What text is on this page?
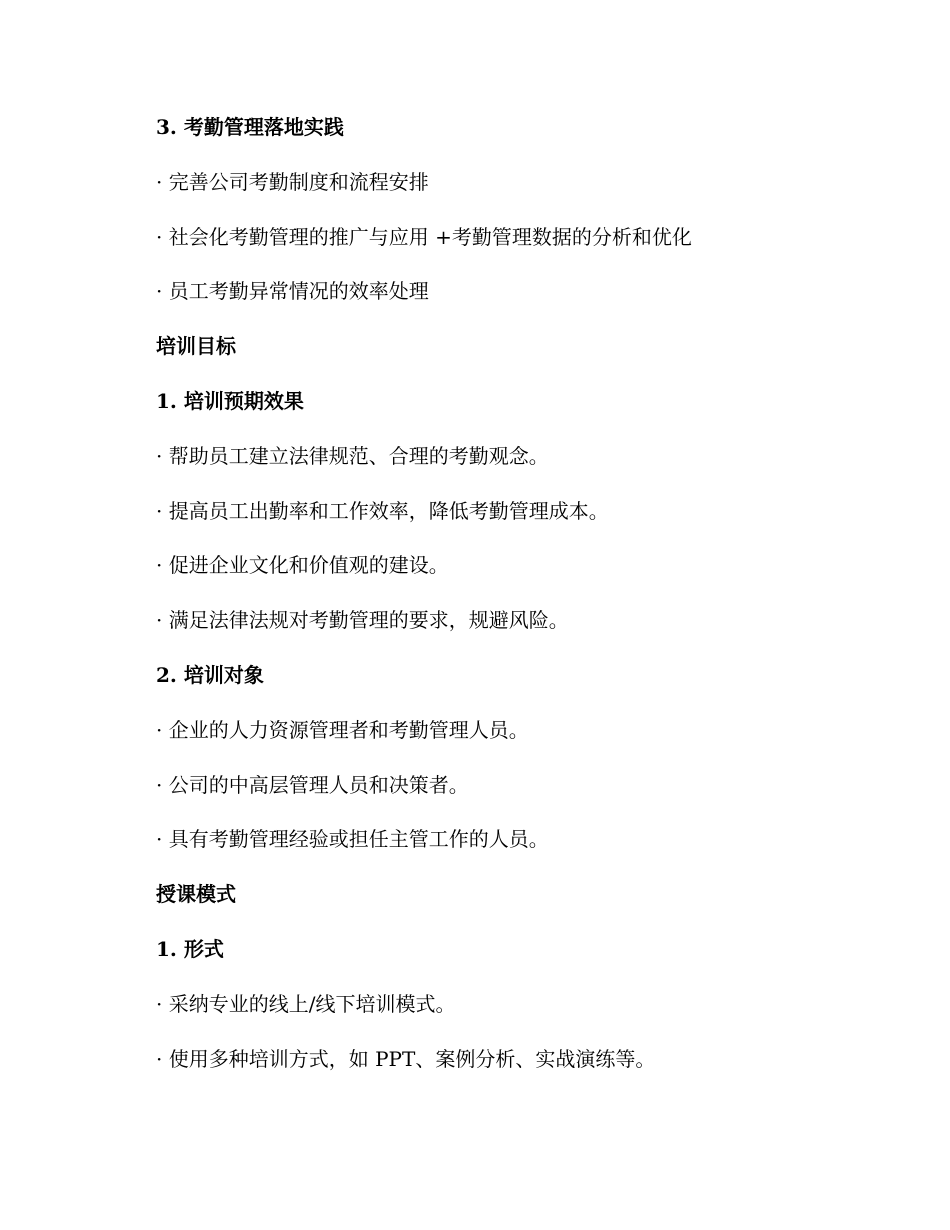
3. 考勤管理落地实践
· 完善公司考勤制度和流程安排
· 社会化考勤管理的推广与应用 +考勤管理数据的分析和优化
· 员工考勤异常情况的效率处理
培训目标
1. 培训预期效果
· 帮助员工建立法律规范、合理的考勤观念。
· 提高员工出勤率和工作效率，降低考勤管理成本。
· 促进企业文化和价值观的建设。
· 满足法律法规对考勤管理的要求，规避风险。
2. 培训对象
· 企业的人力资源管理者和考勤管理人员。
· 公司的中高层管理人员和决策者。
· 具有考勤管理经验或担任主管工作的人员。
授课模式
1. 形式
· 采纳专业的线上/线下培训模式。
· 使用多种培训方式，如 PPT、案例分析、实战演练等。
